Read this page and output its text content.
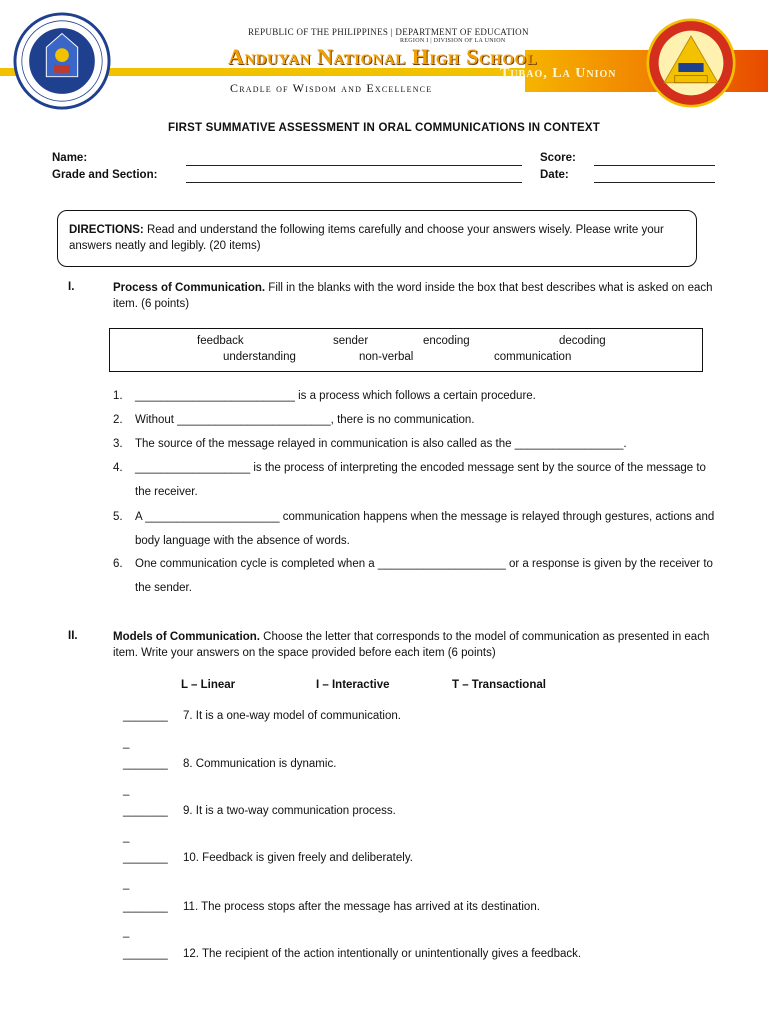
REPUBLIC OF THE PHILIPPINES | DEPARTMENT OF EDUCATION
REGION I | DIVISION OF LA UNION
Anduyan National High School
Tubao, La Union
Cradle of Wisdom and Excellence
FIRST SUMMATIVE ASSESSMENT IN ORAL COMMUNICATIONS IN CONTEXT
Name:	Score:
Grade and Section:	Date:
DIRECTIONS: Read and understand the following items carefully and choose your answers wisely. Please write your answers neatly and legibly. (20 items)
I.	Process of Communication. Fill in the blanks with the word inside the box that best describes what is asked on each item. (6 points)
feedback	sender	encoding	decoding
understanding	non-verbal	communication
1. _________________________ is a process which follows a certain procedure.
2. Without ________________________, there is no communication.
3. The source of the message relayed in communication is also called as the _________________.
4. __________________ is the process of interpreting the encoded message sent by the source of the message to the receiver.
5. A _____________________ communication happens when the message is relayed through gestures, actions and body language with the absence of words.
6. One communication cycle is completed when a ____________________ or a response is given by the receiver to the sender.
II.	Models of Communication. Choose the letter that corresponds to the model of communication as presented in each item. Write your answers on the space provided before each item (6 points)
L – Linear	I – Interactive	T – Transactional
_______ 7. It is a one-way model of communication.
_
_______ 8. Communication is dynamic.
_
_______ 9. It is a two-way communication process.
_
_______ 10. Feedback is given freely and deliberately.
_
_______ 11. The process stops after the message has arrived at its destination.
_
_______ 12. The recipient of the action intentionally or unintentionally gives a feedback.
